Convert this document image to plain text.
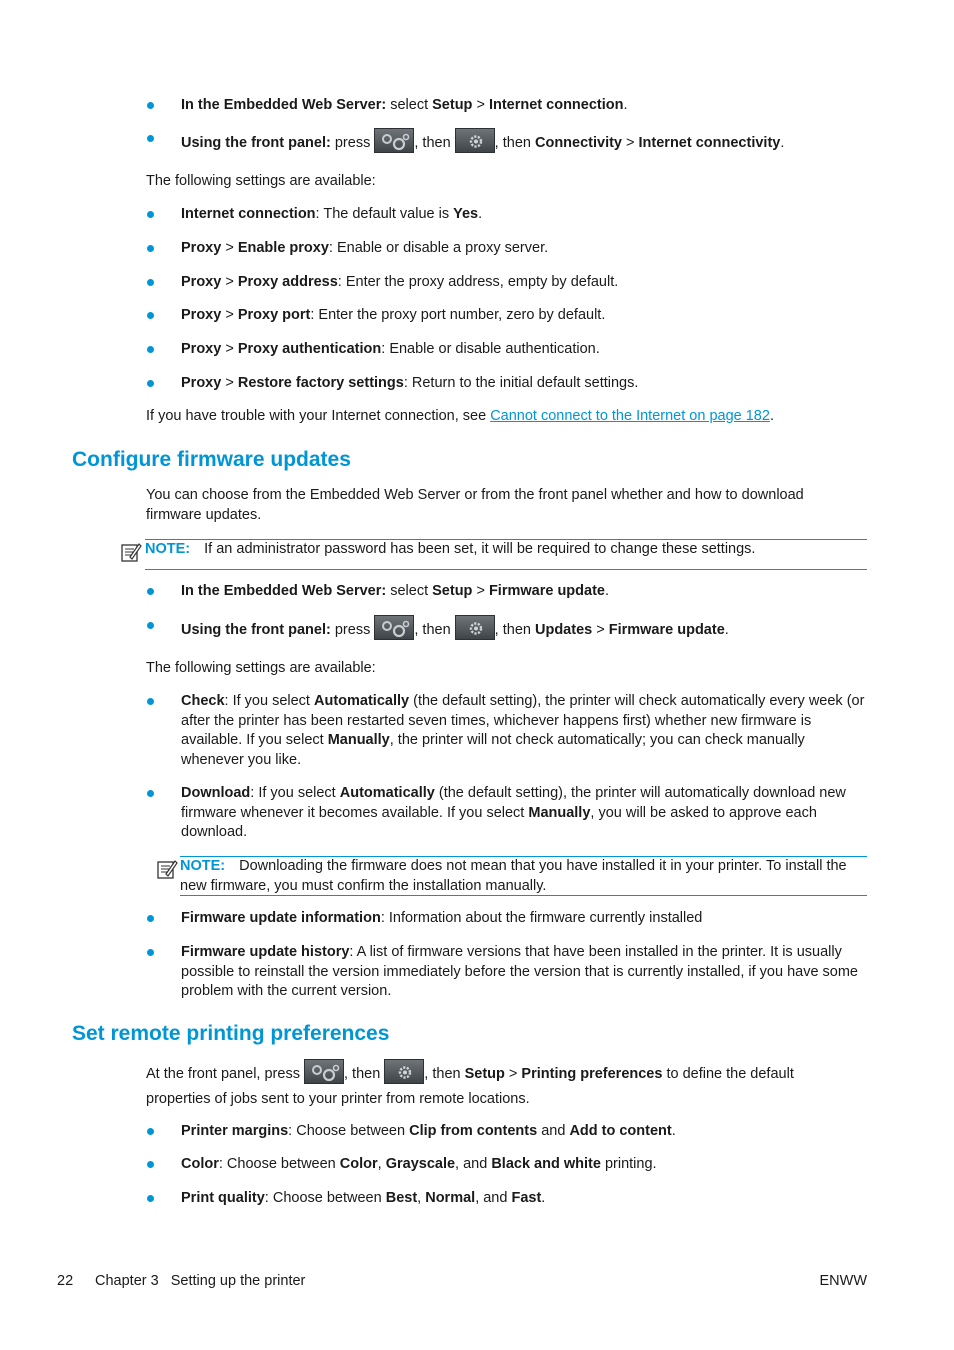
In the Embedded Web Server: select Setup > Internet connection.
Using the front panel: press	, then	, then Connectivity > Internet connectivity.
The following settings are available:
Internet connection: The default value is Yes.
Proxy > Enable proxy: Enable or disable a proxy server.
Proxy > Proxy address: Enter the proxy address, empty by default.
Proxy > Proxy port: Enter the proxy port number, zero by default.
Proxy > Proxy authentication: Enable or disable authentication.
Proxy > Restore factory settings: Return to the initial default settings.
If you have trouble with your Internet connection, see Cannot connect to the Internet on page 182.
Configure firmware updates
You can choose from the Embedded Web Server or from the front panel whether and how to download firmware updates.
NOTE: If an administrator password has been set, it will be required to change these settings.
In the Embedded Web Server: select Setup > Firmware update.
Using the front panel: press	, then	, then Updates > Firmware update.
The following settings are available:
Check: If you select Automatically (the default setting), the printer will check automatically every week (or after the printer has been restarted seven times, whichever happens first) whether new firmware is available. If you select Manually, the printer will not check automatically; you can check manually whenever you like.
Download: If you select Automatically (the default setting), the printer will automatically download new firmware whenever it becomes available. If you select Manually, you will be asked to approve each download.
NOTE: Downloading the firmware does not mean that you have installed it in your printer. To install the new firmware, you must confirm the installation manually.
Firmware update information: Information about the firmware currently installed
Firmware update history: A list of firmware versions that have been installed in the printer. It is usually possible to reinstall the version immediately before the version that is currently installed, if you have some problem with the current version.
Set remote printing preferences
At the front panel, press	, then	, then Setup > Printing preferences to define the default properties of jobs sent to your printer from remote locations.
Printer margins: Choose between Clip from contents and Add to content.
Color: Choose between Color, Grayscale, and Black and white printing.
Print quality: Choose between Best, Normal, and Fast.
22 Chapter 3   Setting up the printer	ENWW
